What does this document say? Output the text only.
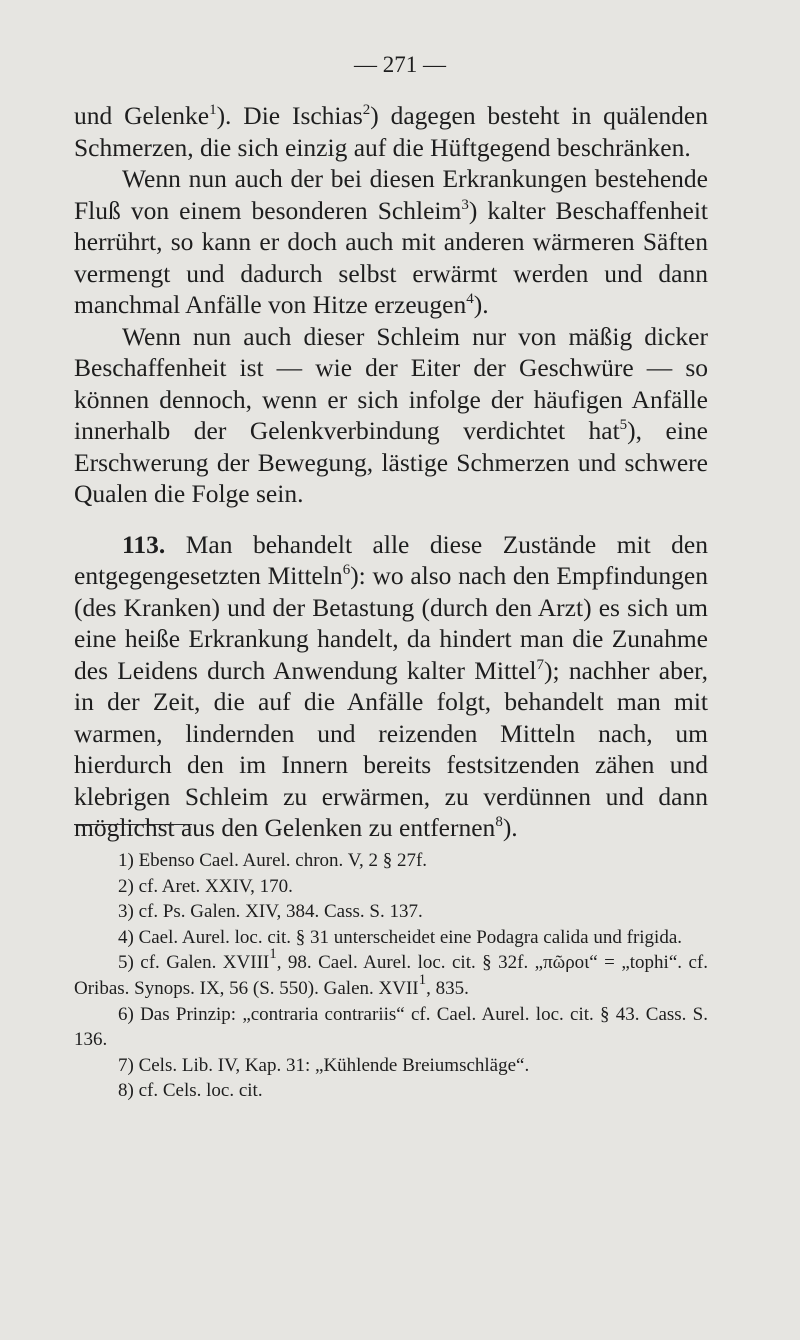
— 271 —

und Gelenke$^1$). Die Ischias$^2$) dagegen besteht in quälenden Schmerzen, die sich einzig auf die Hüftgegend beschränken.

Wenn nun auch der bei diesen Erkrankungen bestehende Fluß von einem besonderen Schleim$^3$) kalter Beschaffenheit herrührt, so kann er doch auch mit anderen wärmeren Säften vermengt und dadurch selbst erwärmt werden und dann manchmal Anfälle von Hitze erzeugen$^4$).

Wenn nun auch dieser Schleim nur von mäßig dicker Beschaffenheit ist — wie der Eiter der Geschwüre — so können dennoch, wenn er sich infolge der häufigen Anfälle innerhalb der Gelenkverbindung verdichtet hat$^5$), eine Erschwerung der Bewegung, lästige Schmerzen und schwere Qualen die Folge sein.

113. Man behandelt alle diese Zustände mit den entgegengesetzten Mitteln$^6$): wo also nach den Empfindungen (des Kranken) und der Betastung (durch den Arzt) es sich um eine heiße Erkrankung handelt, da hindert man die Zunahme des Leidens durch Anwendung kalter Mittel$^7$); nachher aber, in der Zeit, die auf die Anfälle folgt, behandelt man mit warmen, lindernden und reizenden Mitteln nach, um hierdurch den im Innern bereits festsitzenden zähen und klebrigen Schleim zu erwärmen, zu verdünnen und dann möglichst aus den Gelenken zu entfernen$^8$).

1) Ebenso Cael. Aurel. chron. V, 2 § 27f.

2) cf. Aret. XXIV, 170.

3) cf. Ps. Galen. XIV, 384. Cass. S. 137.

4) Cael. Aurel. loc. cit. § 31 unterscheidet eine Podagra calida und frigida.

5) cf. Galen. XVIII$^1$, 98. Cael. Aurel. loc. cit. § 32f. „πῶροι“ = „tophi“. cf. Oribas. Synops. IX, 56 (S. 550). Galen. XVII$^1$, 835.

6) Das Prinzip: „contraria contrariis“ cf. Cael. Aurel. loc. cit. § 43. Cass. S. 136.

7) Cels. Lib. IV, Kap. 31: „Kühlende Breiumschläge“.

8) cf. Cels. loc. cit.
